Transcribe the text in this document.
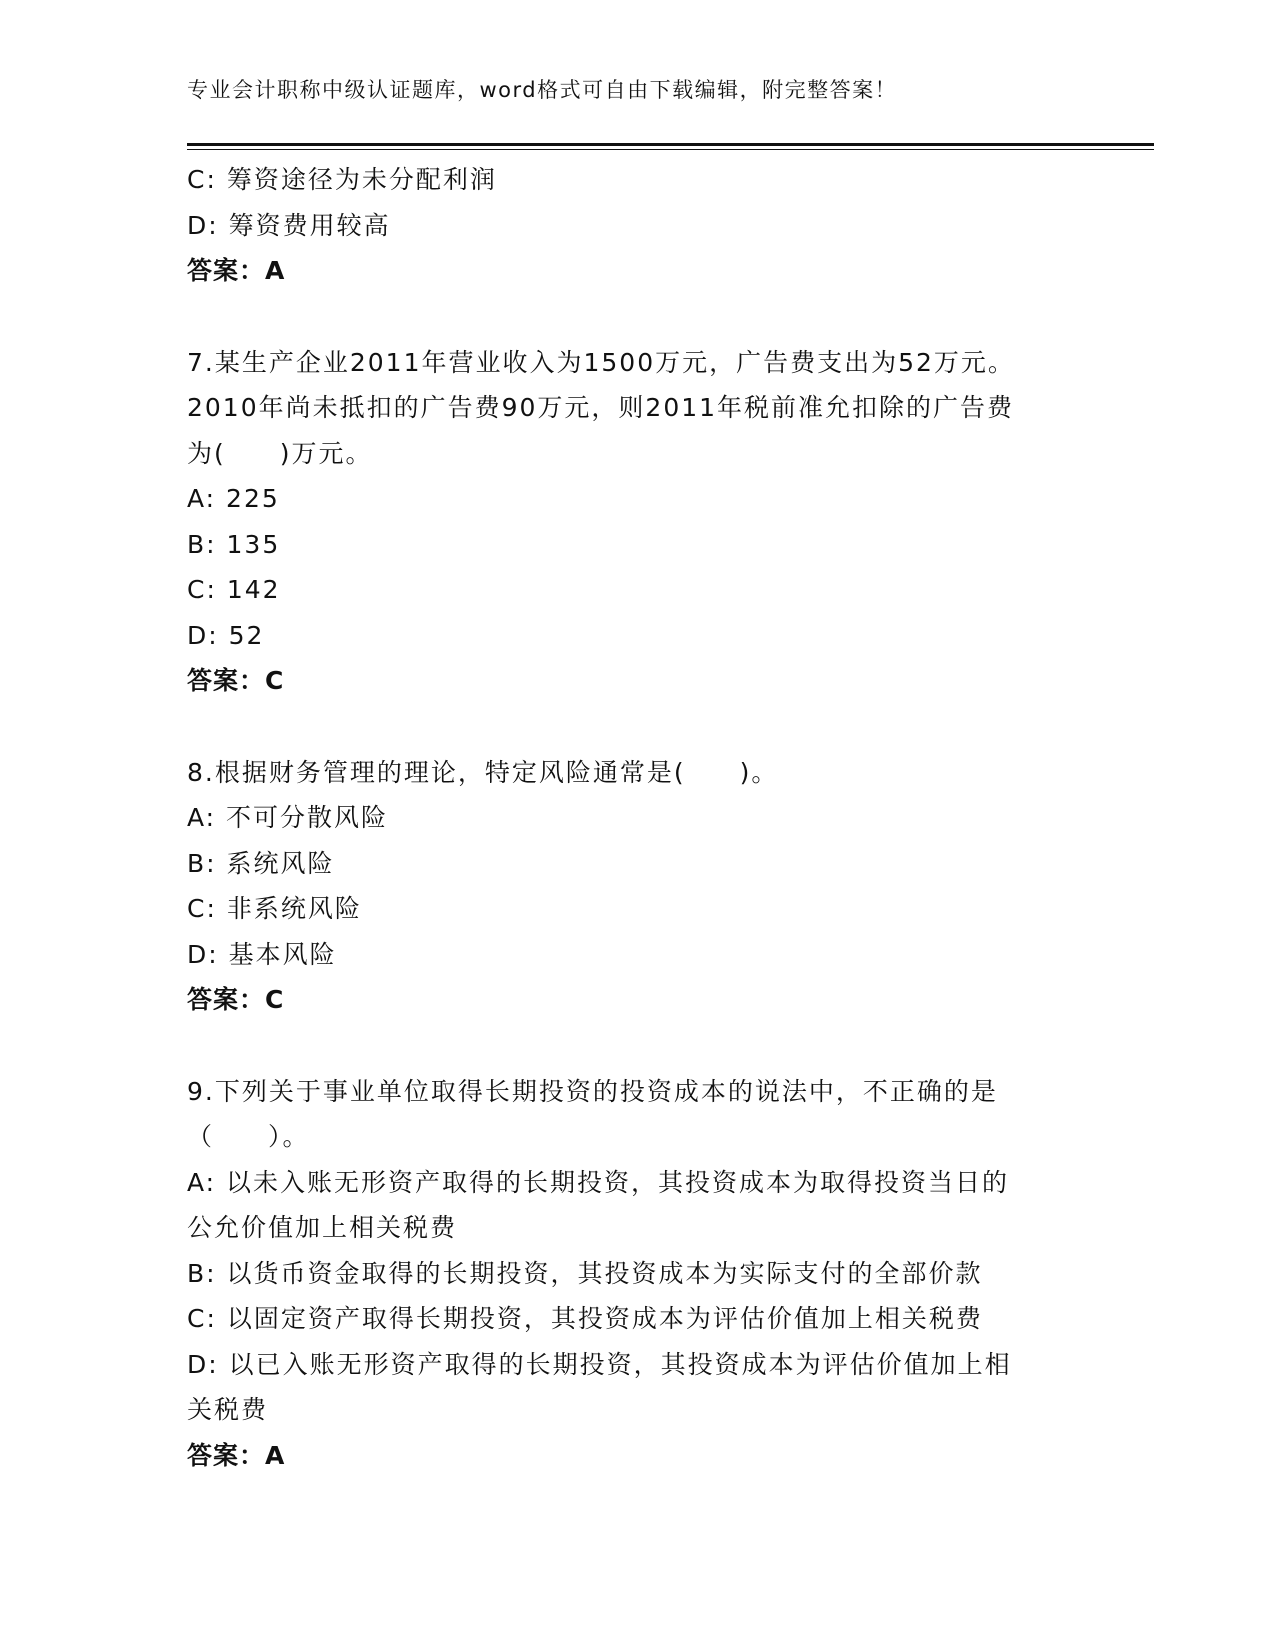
专业会计职称中级认证题库，word格式可自由下载编辑，附完整答案！
C: 筹资途径为未分配利润
D: 筹资费用较高
答案：A
7.某生产企业2011年营业收入为1500万元，广告费支出为52万元。
2010年尚未抵扣的广告费90万元，则2011年税前准允扣除的广告费
为(　　)万元。
A: 225
B: 135
C: 142
D: 52
答案：C
8.根据财务管理的理论，特定风险通常是(　　)。
A: 不可分散风险
B: 系统风险
C: 非系统风险
D: 基本风险
答案：C
9.下列关于事业单位取得长期投资的投资成本的说法中，不正确的是
（　　）。
A: 以未入账无形资产取得的长期投资，其投资成本为取得投资当日的
公允价值加上相关税费
B: 以货币资金取得的长期投资，其投资成本为实际支付的全部价款
C: 以固定资产取得长期投资，其投资成本为评估价值加上相关税费
D: 以已入账无形资产取得的长期投资，其投资成本为评估价值加上相
关税费
答案：A
